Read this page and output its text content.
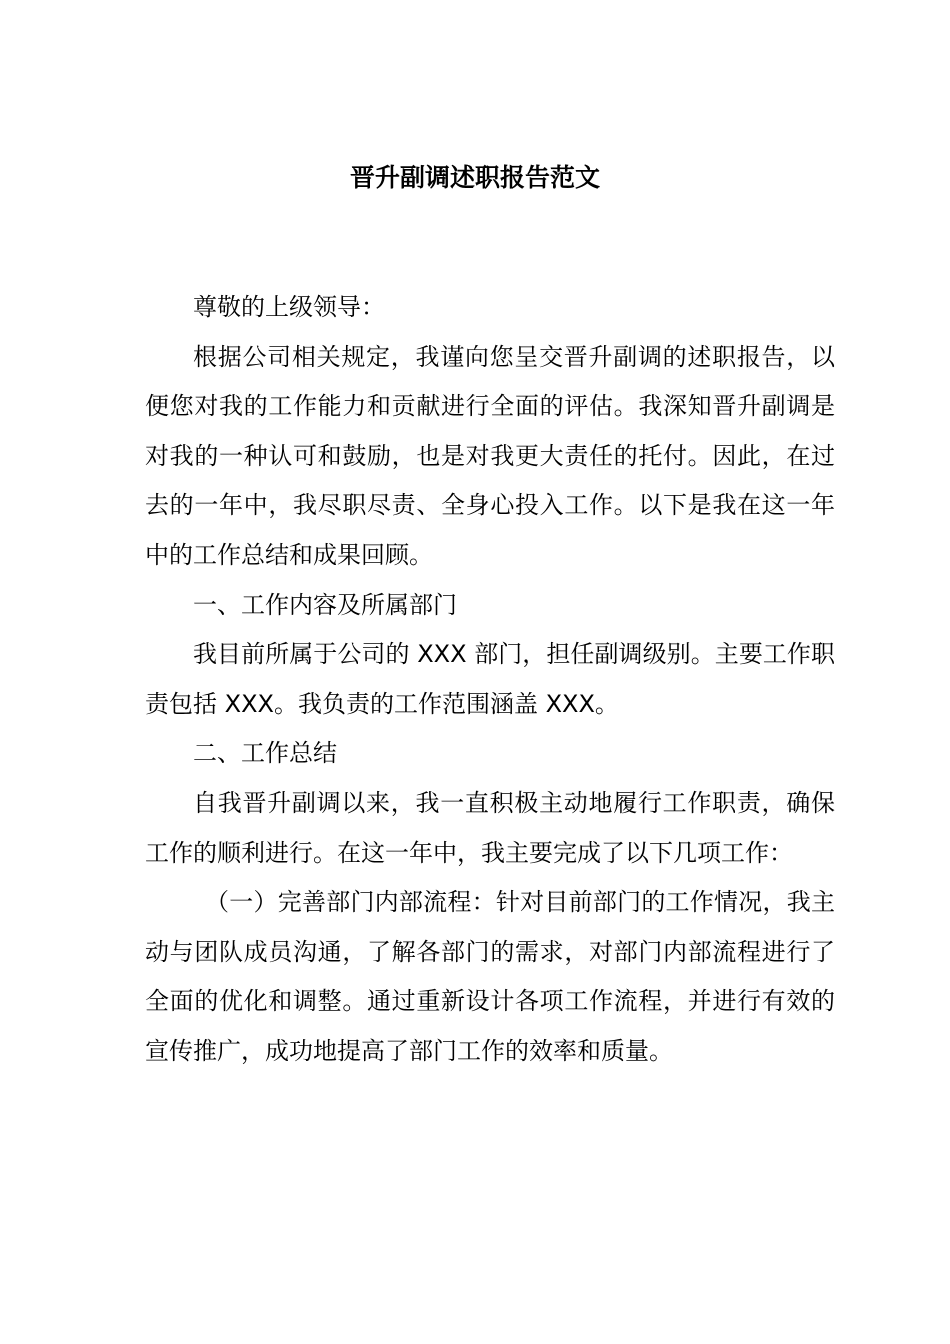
晋升副调述职报告范文

尊敬的上级领导：

根据公司相关规定，我谨向您呈交晋升副调的述职报告，以便您对我的工作能力和贡献进行全面的评估。我深知晋升副调是对我的一种认可和鼓励，也是对我更大责任的托付。因此，在过去的一年中，我尽职尽责、全身心投入工作。以下是我在这一年中的工作总结和成果回顾。

一、工作内容及所属部门

我目前所属于公司的 XXX 部门，担任副调级别。主要工作职责包括 XXX。我负责的工作范围涵盖 XXX。

二、工作总结

自我晋升副调以来，我一直积极主动地履行工作职责，确保工作的顺利进行。在这一年中，我主要完成了以下几项工作：

（一）完善部门内部流程：针对目前部门的工作情况，我主动与团队成员沟通，了解各部门的需求，对部门内部流程进行了全面的优化和调整。通过重新设计各项工作流程，并进行有效的宣传推广，成功地提高了部门工作的效率和质量。
